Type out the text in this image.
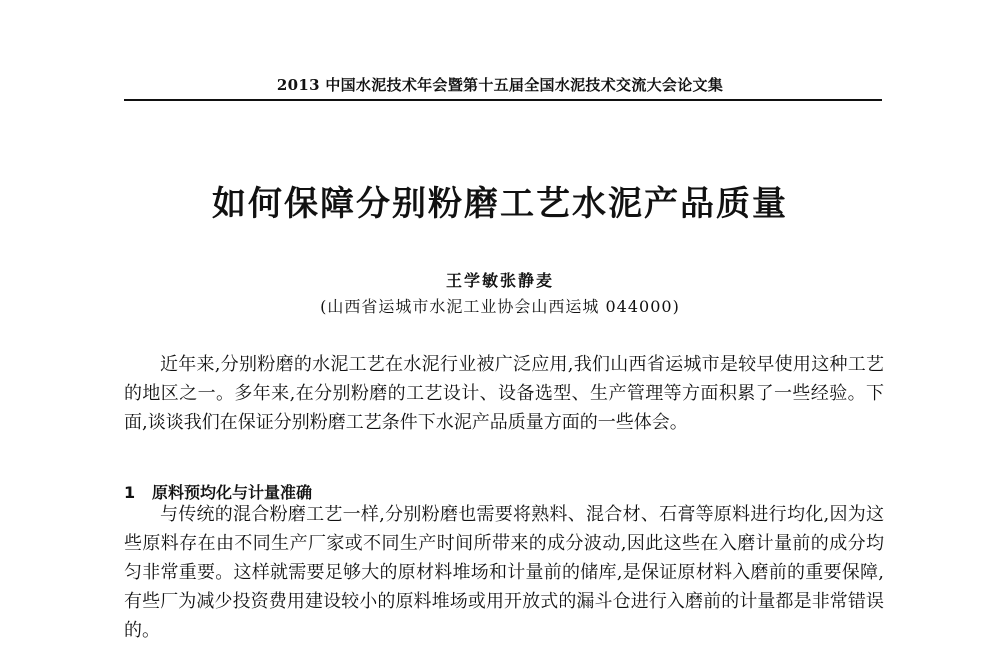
2013 中国水泥技术年会暨第十五届全国水泥技术交流大会论文集
如何保障分别粉磨工艺水泥产品质量
王学敏张静麦
(山西省运城市水泥工业协会山西运城 044000)
近年来,分别粉磨的水泥工艺在水泥行业被广泛应用,我们山西省运城市是较早使用这种工艺的地区之一。多年来,在分别粉磨的工艺设计、设备选型、生产管理等方面积累了一些经验。下面,谈谈我们在保证分别粉磨工艺条件下水泥产品质量方面的一些体会。
1 原料预均化与计量准确
与传统的混合粉磨工艺一样,分别粉磨也需要将熟料、混合材、石膏等原料进行均化,因为这些原料存在由不同生产厂家或不同生产时间所带来的成分波动,因此这些在入磨计量前的成分均匀非常重要。这样就需要足够大的原材料堆场和计量前的储库,是保证原材料入磨前的重要保障,有些厂为减少投资费用建设较小的原料堆场或用开放式的漏斗仓进行入磨前的计量都是非常错误的。
